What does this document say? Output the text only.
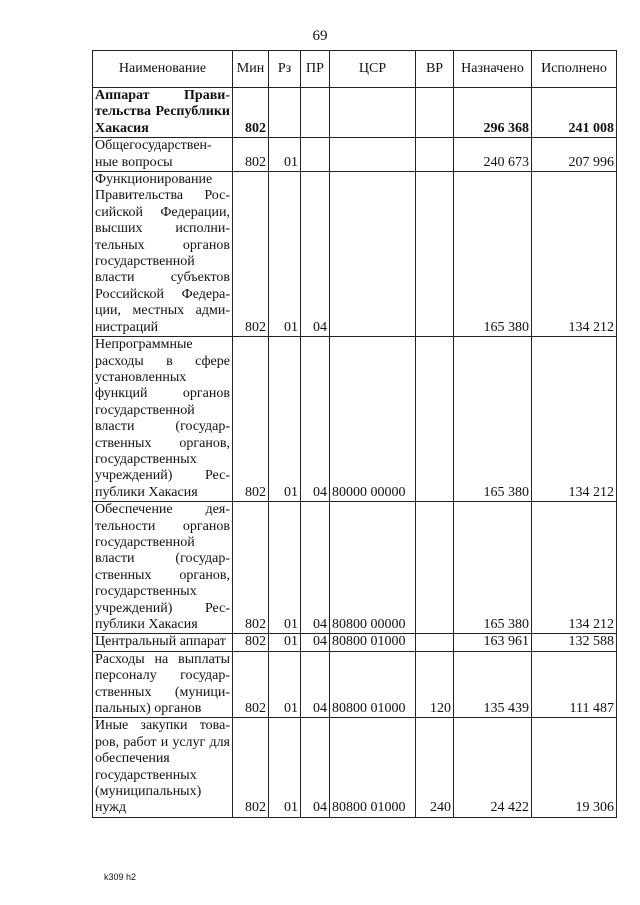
69
Наименование	Мин	Рз	ПР	ЦСР	ВР	Назначено	Исполнено
Аппарат Правительства Республики Хакасия	802					296 368	241 008
Общегосударственные вопросы	802	01				240 673	207 996
Функционирование Правительства Российской Федерации, высших исполнительных органов государственной власти субъектов Российской Федерации, местных администраций	802	01	04			165 380	134 212
Непрограммные расходы в сфере установленных функций органов государственной власти (государственных органов, государственных учреждений) Республики Хакасия	802	01	04	80000 00000		165 380	134 212
Обеспечение деятельности органов государственной власти (государственных органов, государственных учреждений) Республики Хакасия	802	01	04	80800 00000		165 380	134 212
Центральный аппарат	802	01	04	80800 01000		163 961	132 588
Расходы на выплаты персоналу государственных (муниципальных) органов	802	01	04	80800 01000	120	135 439	111 487
Иные закупки товаров, работ и услуг для обеспечения государственных (муниципальных) нужд	802	01	04	80800 01000	240	24 422	19 306
k309 h2
